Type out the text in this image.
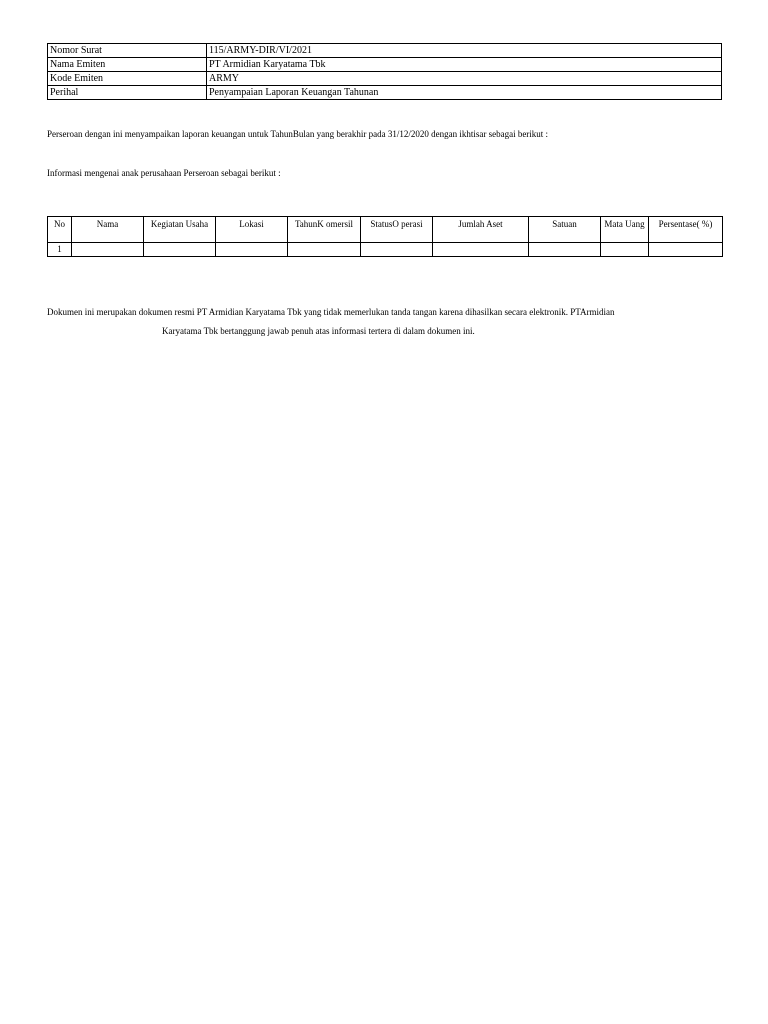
Nomor Surat	115/ARMY-DIR/VI/2021
Nama Emiten	PT Armidian Karyatama Tbk
Kode Emiten	ARMY
Perihal	Penyampaian Laporan Keuangan Tahunan
Perseroan dengan ini menyampaikan laporan keuangan untuk TahunBulan yang berakhir pada 31/12/2020 dengan ikhtisar sebagai berikut :
Informasi mengenai anak perusahaan Perseroan sebagai berikut :
No	Nama	Kegiatan Usaha	Lokasi	TahunK omersil	StatusO perasi	Jumlah Aset	Satuan	Mata Uang	Persentase( %)
1									
Dokumen ini merupakan dokumen resmi PT Armidian Karyatama Tbk yang tidak memerlukan tanda tangan karena dihasilkan secara elektronik. PTArmidian
Karyatama Tbk bertanggung jawab penuh atas informasi tertera di dalam dokumen ini.
